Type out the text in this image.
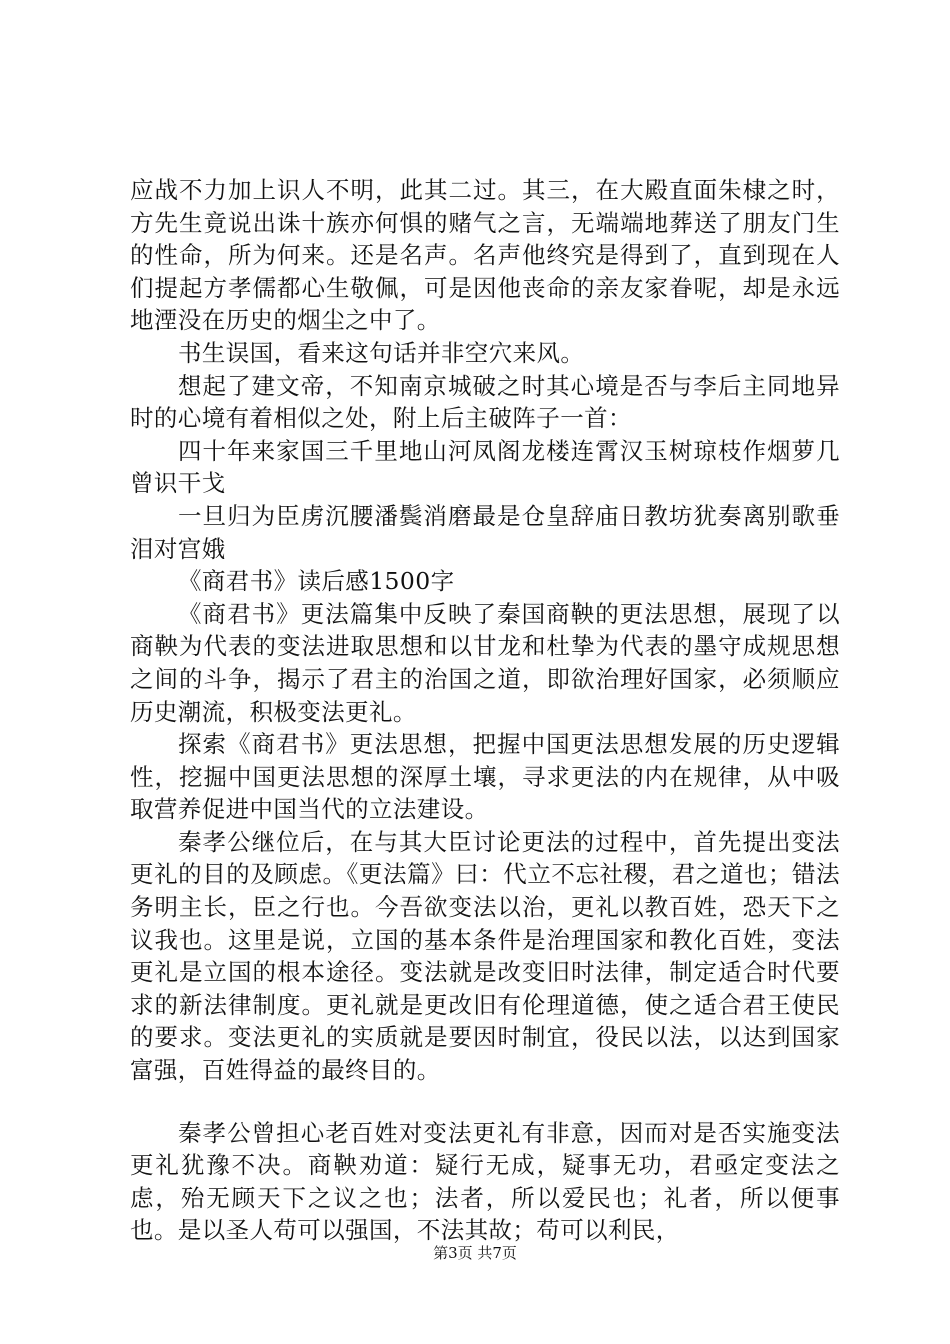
应战不力加上识人不明，此其二过。其三，在大殿直面朱棣之时，方先生竟说出诛十族亦何惧的赌气之言，无端端地葬送了朋友门生的性命，所为何来。还是名声。名声他终究是得到了，直到现在人们提起方孝儒都心生敬佩，可是因他丧命的亲友家眷呢，却是永远地湮没在历史的烟尘之中了。

书生误国，看来这句话并非空穴来风。

想起了建文帝，不知南京城破之时其心境是否与李后主同地异时的心境有着相似之处，附上后主破阵子一首：

四十年来家国三千里地山河凤阁龙楼连霄汉玉树琼枝作烟萝几曾识干戈

一旦归为臣虏沉腰潘鬓消磨最是仓皇辞庙日教坊犹奏离别歌垂泪对宫娥

《商君书》读后感1500字

《商君书》更法篇集中反映了秦国商鞅的更法思想，展现了以商鞅为代表的变法进取思想和以甘龙和杜挚为代表的墨守成规思想之间的斗争，揭示了君主的治国之道，即欲治理好国家，必须顺应历史潮流，积极变法更礼。

探索《商君书》更法思想，把握中国更法思想发展的历史逻辑性，挖掘中国更法思想的深厚土壤，寻求更法的内在规律，从中吸取营养促进中国当代的立法建设。

秦孝公继位后，在与其大臣讨论更法的过程中，首先提出变法更礼的目的及顾虑。《更法篇》曰：代立不忘社稷，君之道也；错法务明主长，臣之行也。今吾欲变法以治，更礼以教百姓，恐天下之议我也。这里是说，立国的基本条件是治理国家和教化百姓，变法更礼是立国的根本途径。变法就是改变旧时法律，制定适合时代要求的新法律制度。更礼就是更改旧有伦理道德，使之适合君王使民的要求。变法更礼的实质就是要因时制宜，役民以法，以达到国家富强，百姓得益的最终目的。

秦孝公曾担心老百姓对变法更礼有非意，因而对是否实施变法更礼犹豫不决。商鞅劝道：疑行无成，疑事无功，君亟定变法之虑，殆无顾天下之议之也；法者，所以爱民也；礼者，所以便事也。是以圣人苟可以强国，不法其故；苟可以利民，

第3页 共7页
